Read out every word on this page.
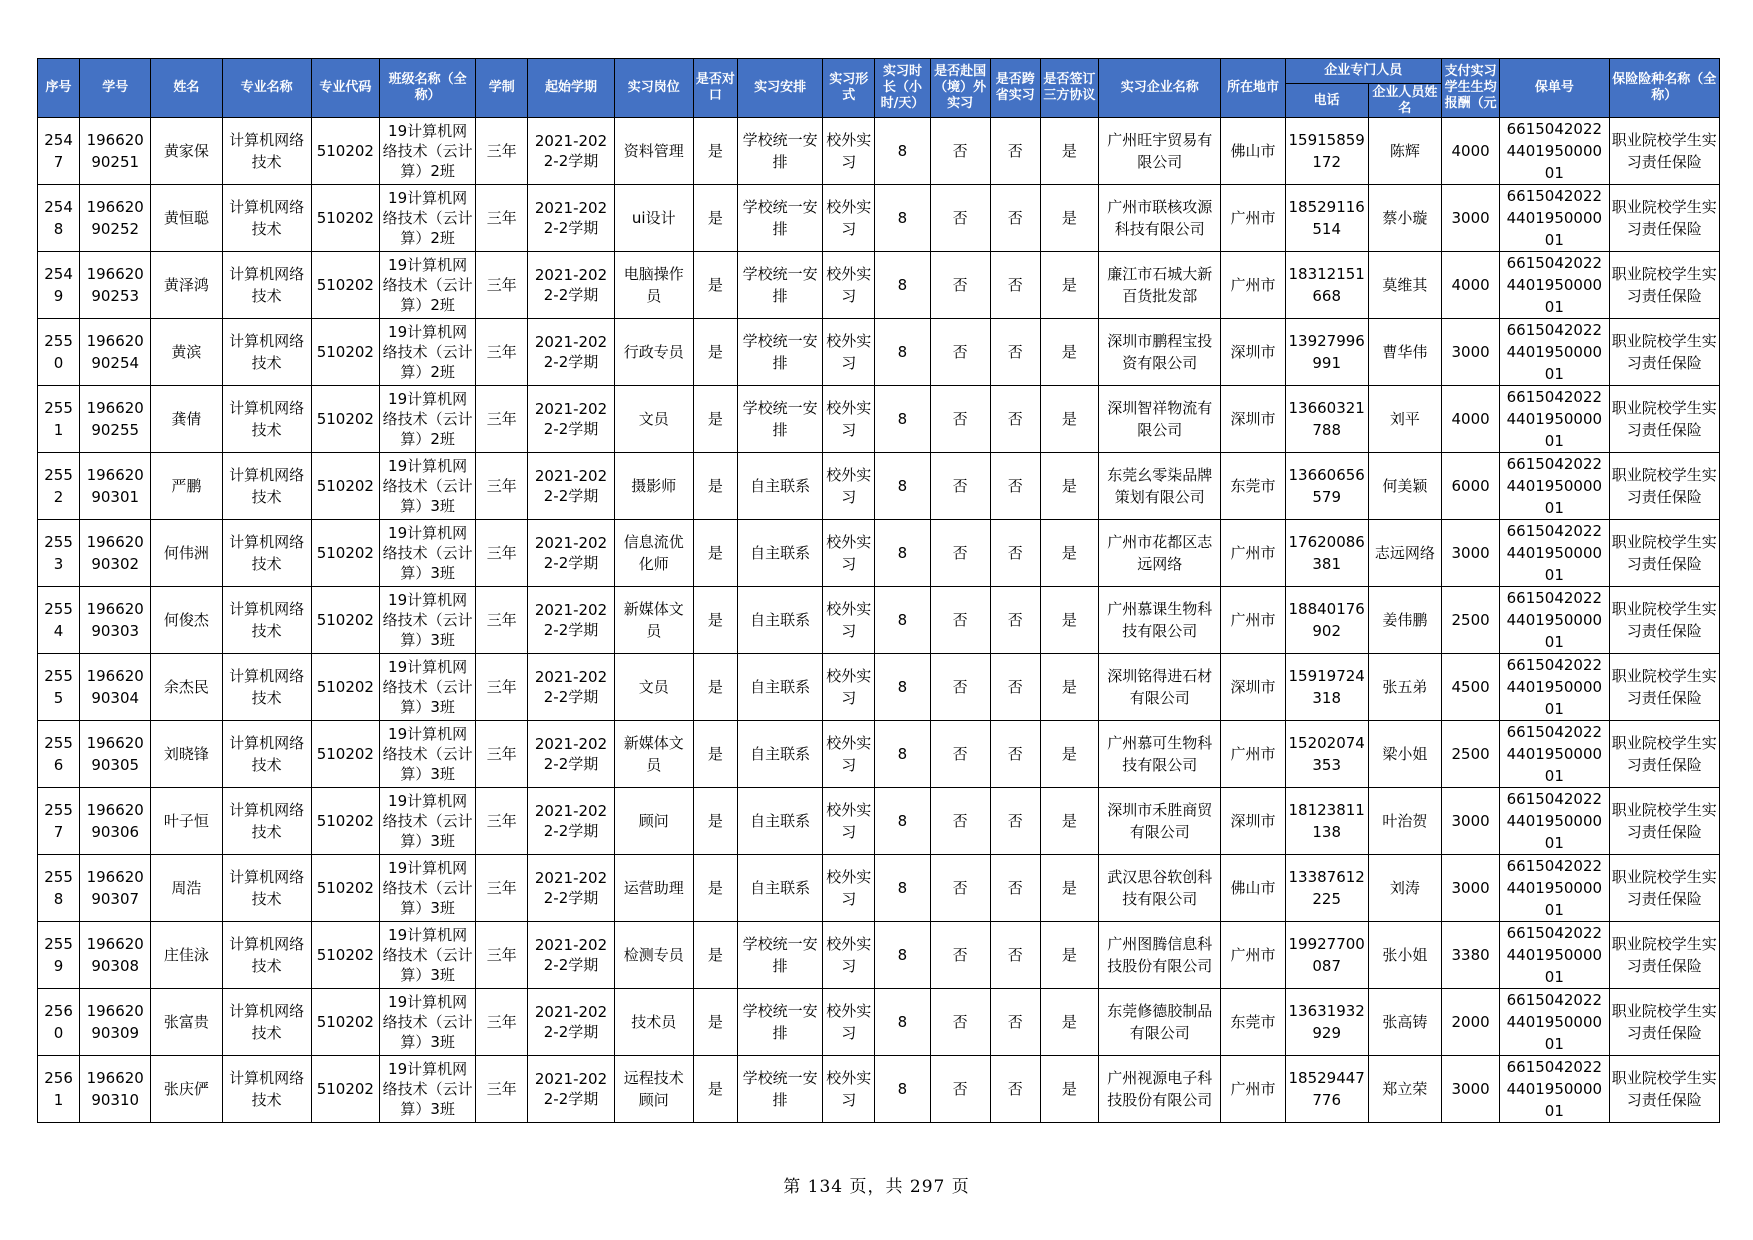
序号	学号	姓名	专业名称	专业代码	班级名称（全称）	学制	起始学期	实习岗位	是否对口	实习安排	实习形式	实习时长（小时/天）	是否赴国（境）外实习	是否跨省实习	是否签订三方协议	实习企业名称	所在地市	企业专门人员		支付实习学生生均报酬（元	保单号	保险险种名称（全称）
																		电话	企业人员姓名			
2547	19662090251	黄家保	计算机网络技术	510202	19计算机网络技术（云计算）2班	三年	2021-2022-2学期	资料管理	是	学校统一安排	校外实习	8	否	否	是	广州旺宇贸易有限公司	佛山市	15915859172	陈辉	4000	6615042022440195000001	职业院校学生实习责任保险
2548	19662090252	黄恒聪	计算机网络技术	510202	19计算机网络技术（云计算）2班	三年	2021-2022-2学期	ui设计	是	学校统一安排	校外实习	8	否	否	是	广州市联核攻源科技有限公司	广州市	18529116514	蔡小璇	3000	6615042022440195000001	职业院校学生实习责任保险
2549	19662090253	黄泽鸿	计算机网络技术	510202	19计算机网络技术（云计算）2班	三年	2021-2022-2学期	电脑操作员	是	学校统一安排	校外实习	8	否	否	是	廉江市石城大新百货批发部	广州市	18312151668	莫维其	4000	6615042022440195000001	职业院校学生实习责任保险
2550	19662090254	黄滨	计算机网络技术	510202	19计算机网络技术（云计算）2班	三年	2021-2022-2学期	行政专员	是	学校统一安排	校外实习	8	否	否	是	深圳市鹏程宝投资有限公司	深圳市	13927996991	曹华伟	3000	6615042022440195000001	职业院校学生实习责任保险
2551	19662090255	龚倩	计算机网络技术	510202	19计算机网络技术（云计算）2班	三年	2021-2022-2学期	文员	是	学校统一安排	校外实习	8	否	否	是	深圳智祥物流有限公司	深圳市	13660321788	刘平	4000	6615042022440195000001	职业院校学生实习责任保险
2552	19662090301	严鹏	计算机网络技术	510202	19计算机网络技术（云计算）3班	三年	2021-2022-2学期	摄影师	是	自主联系	校外实习	8	否	否	是	东莞幺零柒品牌策划有限公司	东莞市	13660656579	何美颖	6000	6615042022440195000001	职业院校学生实习责任保险
2553	19662090302	何伟洲	计算机网络技术	510202	19计算机网络技术（云计算）3班	三年	2021-2022-2学期	信息流优化师	是	自主联系	校外实习	8	否	否	是	广州市花都区志远网络	广州市	17620086381	志远网络	3000	6615042022440195000001	职业院校学生实习责任保险
2554	19662090303	何俊杰	计算机网络技术	510202	19计算机网络技术（云计算）3班	三年	2021-2022-2学期	新媒体文员	是	自主联系	校外实习	8	否	否	是	广州慕课生物科技有限公司	广州市	18840176902	姜伟鹏	2500	6615042022440195000001	职业院校学生实习责任保险
2555	19662090304	余杰民	计算机网络技术	510202	19计算机网络技术（云计算）3班	三年	2021-2022-2学期	文员	是	自主联系	校外实习	8	否	否	是	深圳铭得进石材有限公司	深圳市	15919724318	张五弟	4500	6615042022440195000001	职业院校学生实习责任保险
2556	19662090305	刘晓锋	计算机网络技术	510202	19计算机网络技术（云计算）3班	三年	2021-2022-2学期	新媒体文员	是	自主联系	校外实习	8	否	否	是	广州慕可生物科技有限公司	广州市	15202074353	梁小姐	2500	6615042022440195000001	职业院校学生实习责任保险
2557	19662090306	叶子恒	计算机网络技术	510202	19计算机网络技术（云计算）3班	三年	2021-2022-2学期	顾问	是	自主联系	校外实习	8	否	否	是	深圳市禾胜商贸有限公司	深圳市	18123811138	叶治贺	3000	6615042022440195000001	职业院校学生实习责任保险
2558	19662090307	周浩	计算机网络技术	510202	19计算机网络技术（云计算）3班	三年	2021-2022-2学期	运营助理	是	自主联系	校外实习	8	否	否	是	武汉思谷软创科技有限公司	佛山市	13387612225	刘涛	3000	6615042022440195000001	职业院校学生实习责任保险
2559	19662090308	庄佳泳	计算机网络技术	510202	19计算机网络技术（云计算）3班	三年	2021-2022-2学期	检测专员	是	学校统一安排	校外实习	8	否	否	是	广州图腾信息科技股份有限公司	广州市	19927700087	张小姐	3380	6615042022440195000001	职业院校学生实习责任保险
2560	19662090309	张富贵	计算机网络技术	510202	19计算机网络技术（云计算）3班	三年	2021-2022-2学期	技术员	是	学校统一安排	校外实习	8	否	否	是	东莞修德胶制品有限公司	东莞市	13631932929	张高铸	2000	6615042022440195000001	职业院校学生实习责任保险
2561	19662090310	张庆俨	计算机网络技术	510202	19计算机网络技术（云计算）3班	三年	2021-2022-2学期	远程技术顾问	是	学校统一安排	校外实习	8	否	否	是	广州视源电子科技股份有限公司	广州市	18529447776	郑立荣	3000	6615042022440195000001	职业院校学生实习责任保险
第 134 页，共 297 页
